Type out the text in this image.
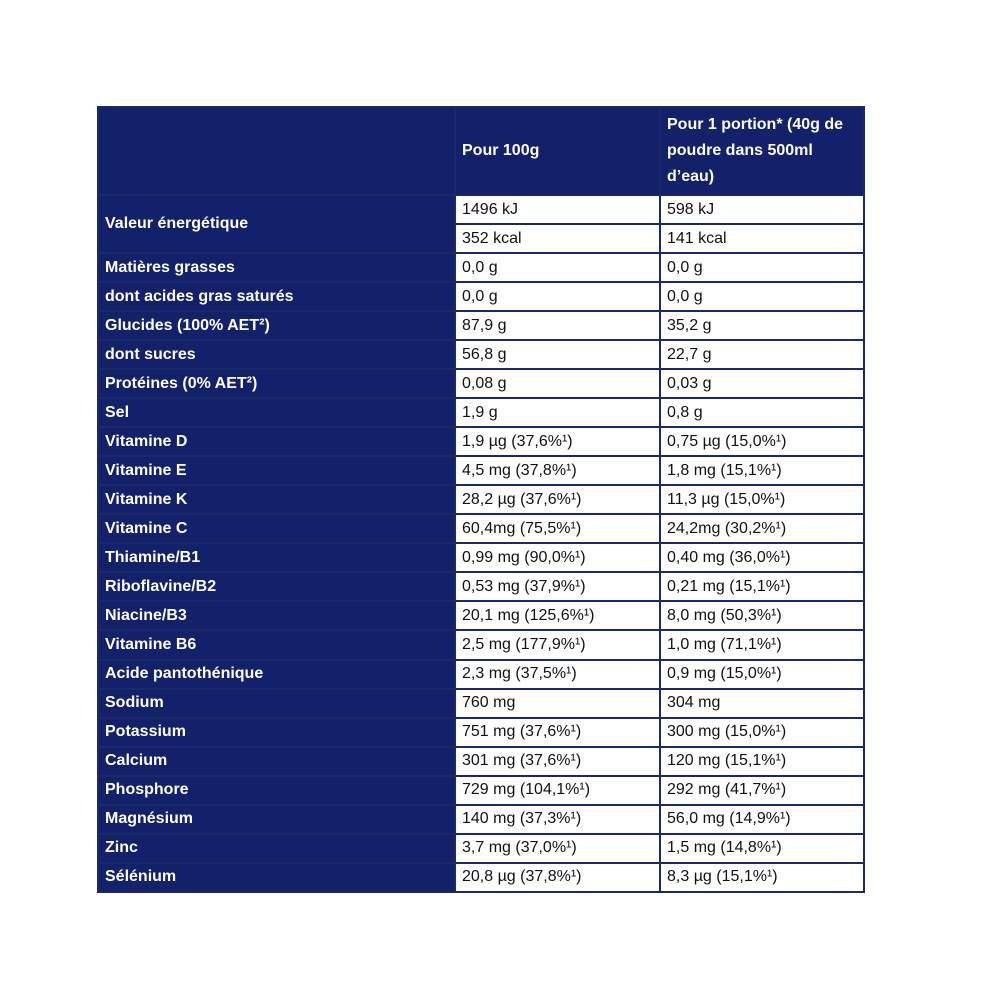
	Pour 100g	Pour 1 portion* (40g de poudre dans 500ml d’eau)
Valeur énergétique	1496 kJ	598 kJ
	352 kcal	141 kcal
Matières grasses	0,0 g	0,0 g
dont acides gras saturés	0,0 g	0,0 g
Glucides (100% AET²)	87,9 g	35,2 g
dont sucres	56,8 g	22,7 g
Protéines (0% AET²)	0,08 g	0,03 g
Sel	1,9 g	0,8 g
Vitamine D	1,9 µg (37,6%¹)	0,75 µg (15,0%¹)
Vitamine E	4,5 mg (37,8%¹)	1,8 mg (15,1%¹)
Vitamine K	28,2 µg (37,6%¹)	11,3 µg (15,0%¹)
Vitamine C	60,4mg (75,5%¹)	24,2mg (30,2%¹)
Thiamine/B1	0,99 mg (90,0%¹)	0,40 mg (36,0%¹)
Riboflavine/B2	0,53 mg (37,9%¹)	0,21 mg (15,1%¹)
Niacine/B3	20,1 mg (125,6%¹)	8,0 mg (50,3%¹)
Vitamine B6	2,5 mg (177,9%¹)	1,0 mg (71,1%¹)
Acide pantothénique	2,3 mg (37,5%¹)	0,9 mg (15,0%¹)
Sodium	760 mg	304 mg
Potassium	751 mg (37,6%¹)	300 mg (15,0%¹)
Calcium	301 mg (37,6%¹)	120 mg (15,1%¹)
Phosphore	729 mg (104,1%¹)	292 mg (41,7%¹)
Magnésium	140 mg (37,3%¹)	56,0 mg (14,9%¹)
Zinc	3,7 mg (37,0%¹)	1,5 mg (14,8%¹)
Sélénium	20,8 µg (37,8%¹)	8,3 µg (15,1%¹)
